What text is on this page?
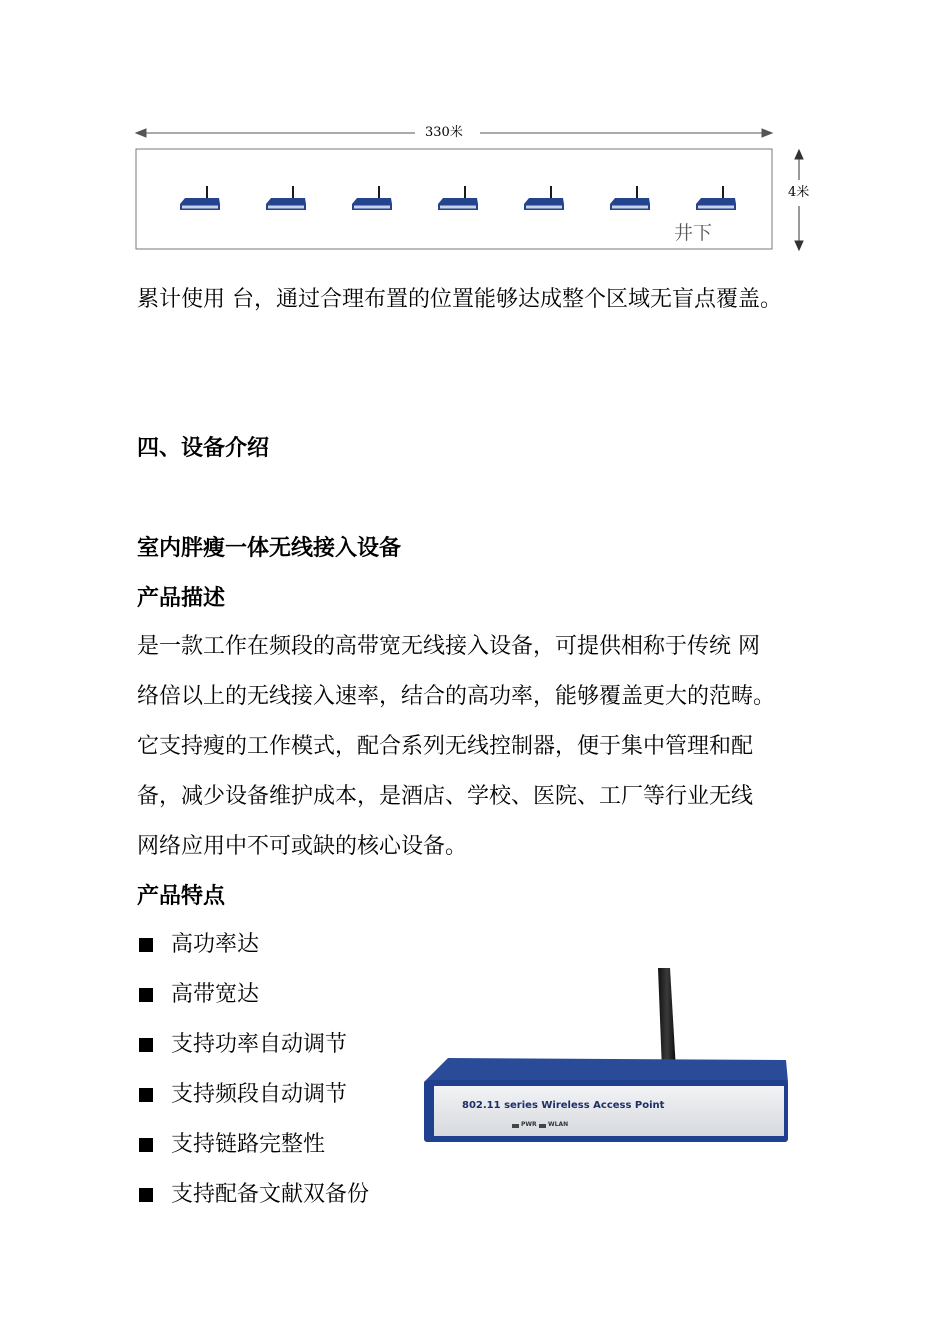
330米
4米
井下

累计使用 台，通过合理布置的位置能够达成整个区域无盲点覆盖。

四、设备介绍
室内胖瘦一体无线接入设备
产品描述

是一款工作在频段的高带宽无线接入设备，可提供相称于传统 网

络倍以上的无线接入速率，结合的高功率，能够覆盖更大的范畴。

它支持瘦的工作模式，配合系列无线控制器，便于集中管理和配

备，减少设备维护成本，是酒店、学校、医院、工厂等行业无线

网络应用中不可或缺的核心设备。

产品特点
高功率达
高带宽达
支持功率自动调节
支持频段自动调节
支持链路完整性
支持配备文献双备份
802.11 series Wireless Access Point
PWR WLAN
